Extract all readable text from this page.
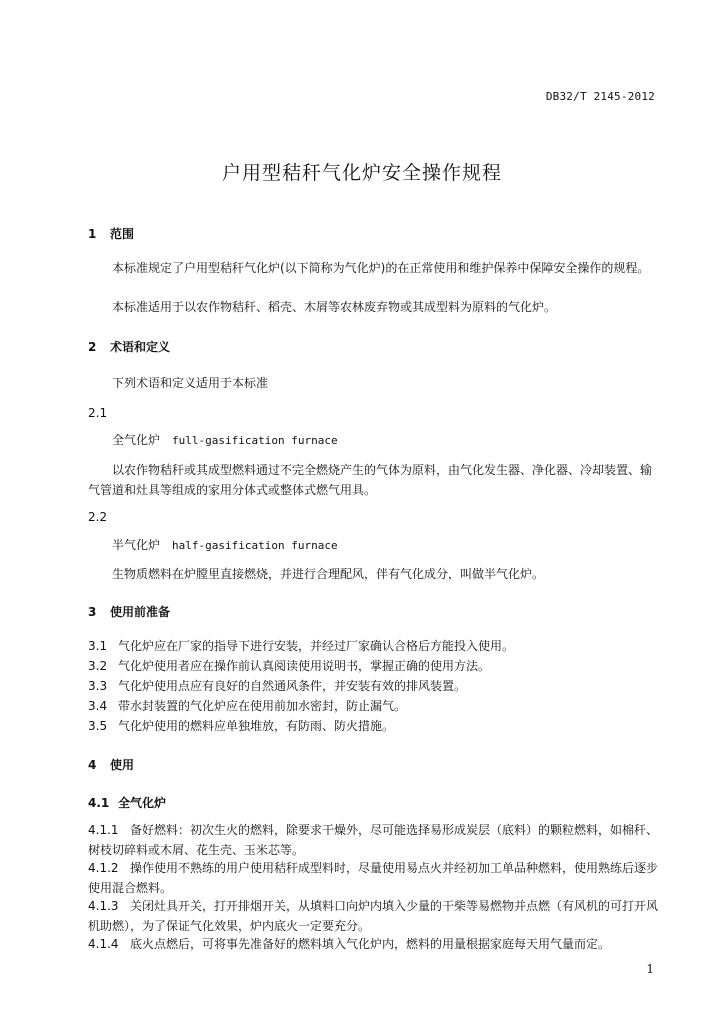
DB32/T 2145-2012
户用型秸秆气化炉安全操作规程
1 范围
本标准规定了户用型秸秆气化炉(以下简称为气化炉)的在正常使用和维护保养中保障安全操作的规程。
本标准适用于以农作物秸秆、稻壳、木屑等农林废弃物或其成型料为原料的气化炉。
2 术语和定义
下列术语和定义适用于本标准
2.1
全气化炉 full-gasification furnace
以农作物秸秆或其成型燃料通过不完全燃烧产生的气体为原料，由气化发生器、净化器、冷却装置、输气管道和灶具等组成的家用分体式或整体式燃气用具。
2.2
半气化炉 half-gasification furnace
生物质燃料在炉膛里直接燃烧，并进行合理配风，伴有气化成分，叫做半气化炉。
3 使用前准备
3.1 气化炉应在厂家的指导下进行安装，并经过厂家确认合格后方能投入使用。
3.2 气化炉使用者应在操作前认真阅读使用说明书，掌握正确的使用方法。
3.3 气化炉使用点应有良好的自然通风条件，并安装有效的排风装置。
3.4 带水封装置的气化炉应在使用前加水密封，防止漏气。
3.5 气化炉使用的燃料应单独堆放，有防雨、防火措施。
4 使用
4.1 全气化炉
4.1.1 备好燃料：初次生火的燃料，除要求干燥外，尽可能选择易形成炭层（底料）的颗粒燃料，如棉秆、树枝切碎料或木屑、花生壳、玉米芯等。
4.1.2 操作使用不熟练的用户使用秸秆成型料时，尽量使用易点火并经初加工单品种燃料，使用熟练后逐步使用混合燃料。
4.1.3 关闭灶具开关，打开排烟开关，从填料口向炉内填入少量的干柴等易燃物并点燃（有风机的可打开风机助燃），为了保证气化效果，炉内底火一定要充分。
4.1.4 底火点燃后，可将事先准备好的燃料填入气化炉内，燃料的用量根据家庭每天用气量而定。
1
